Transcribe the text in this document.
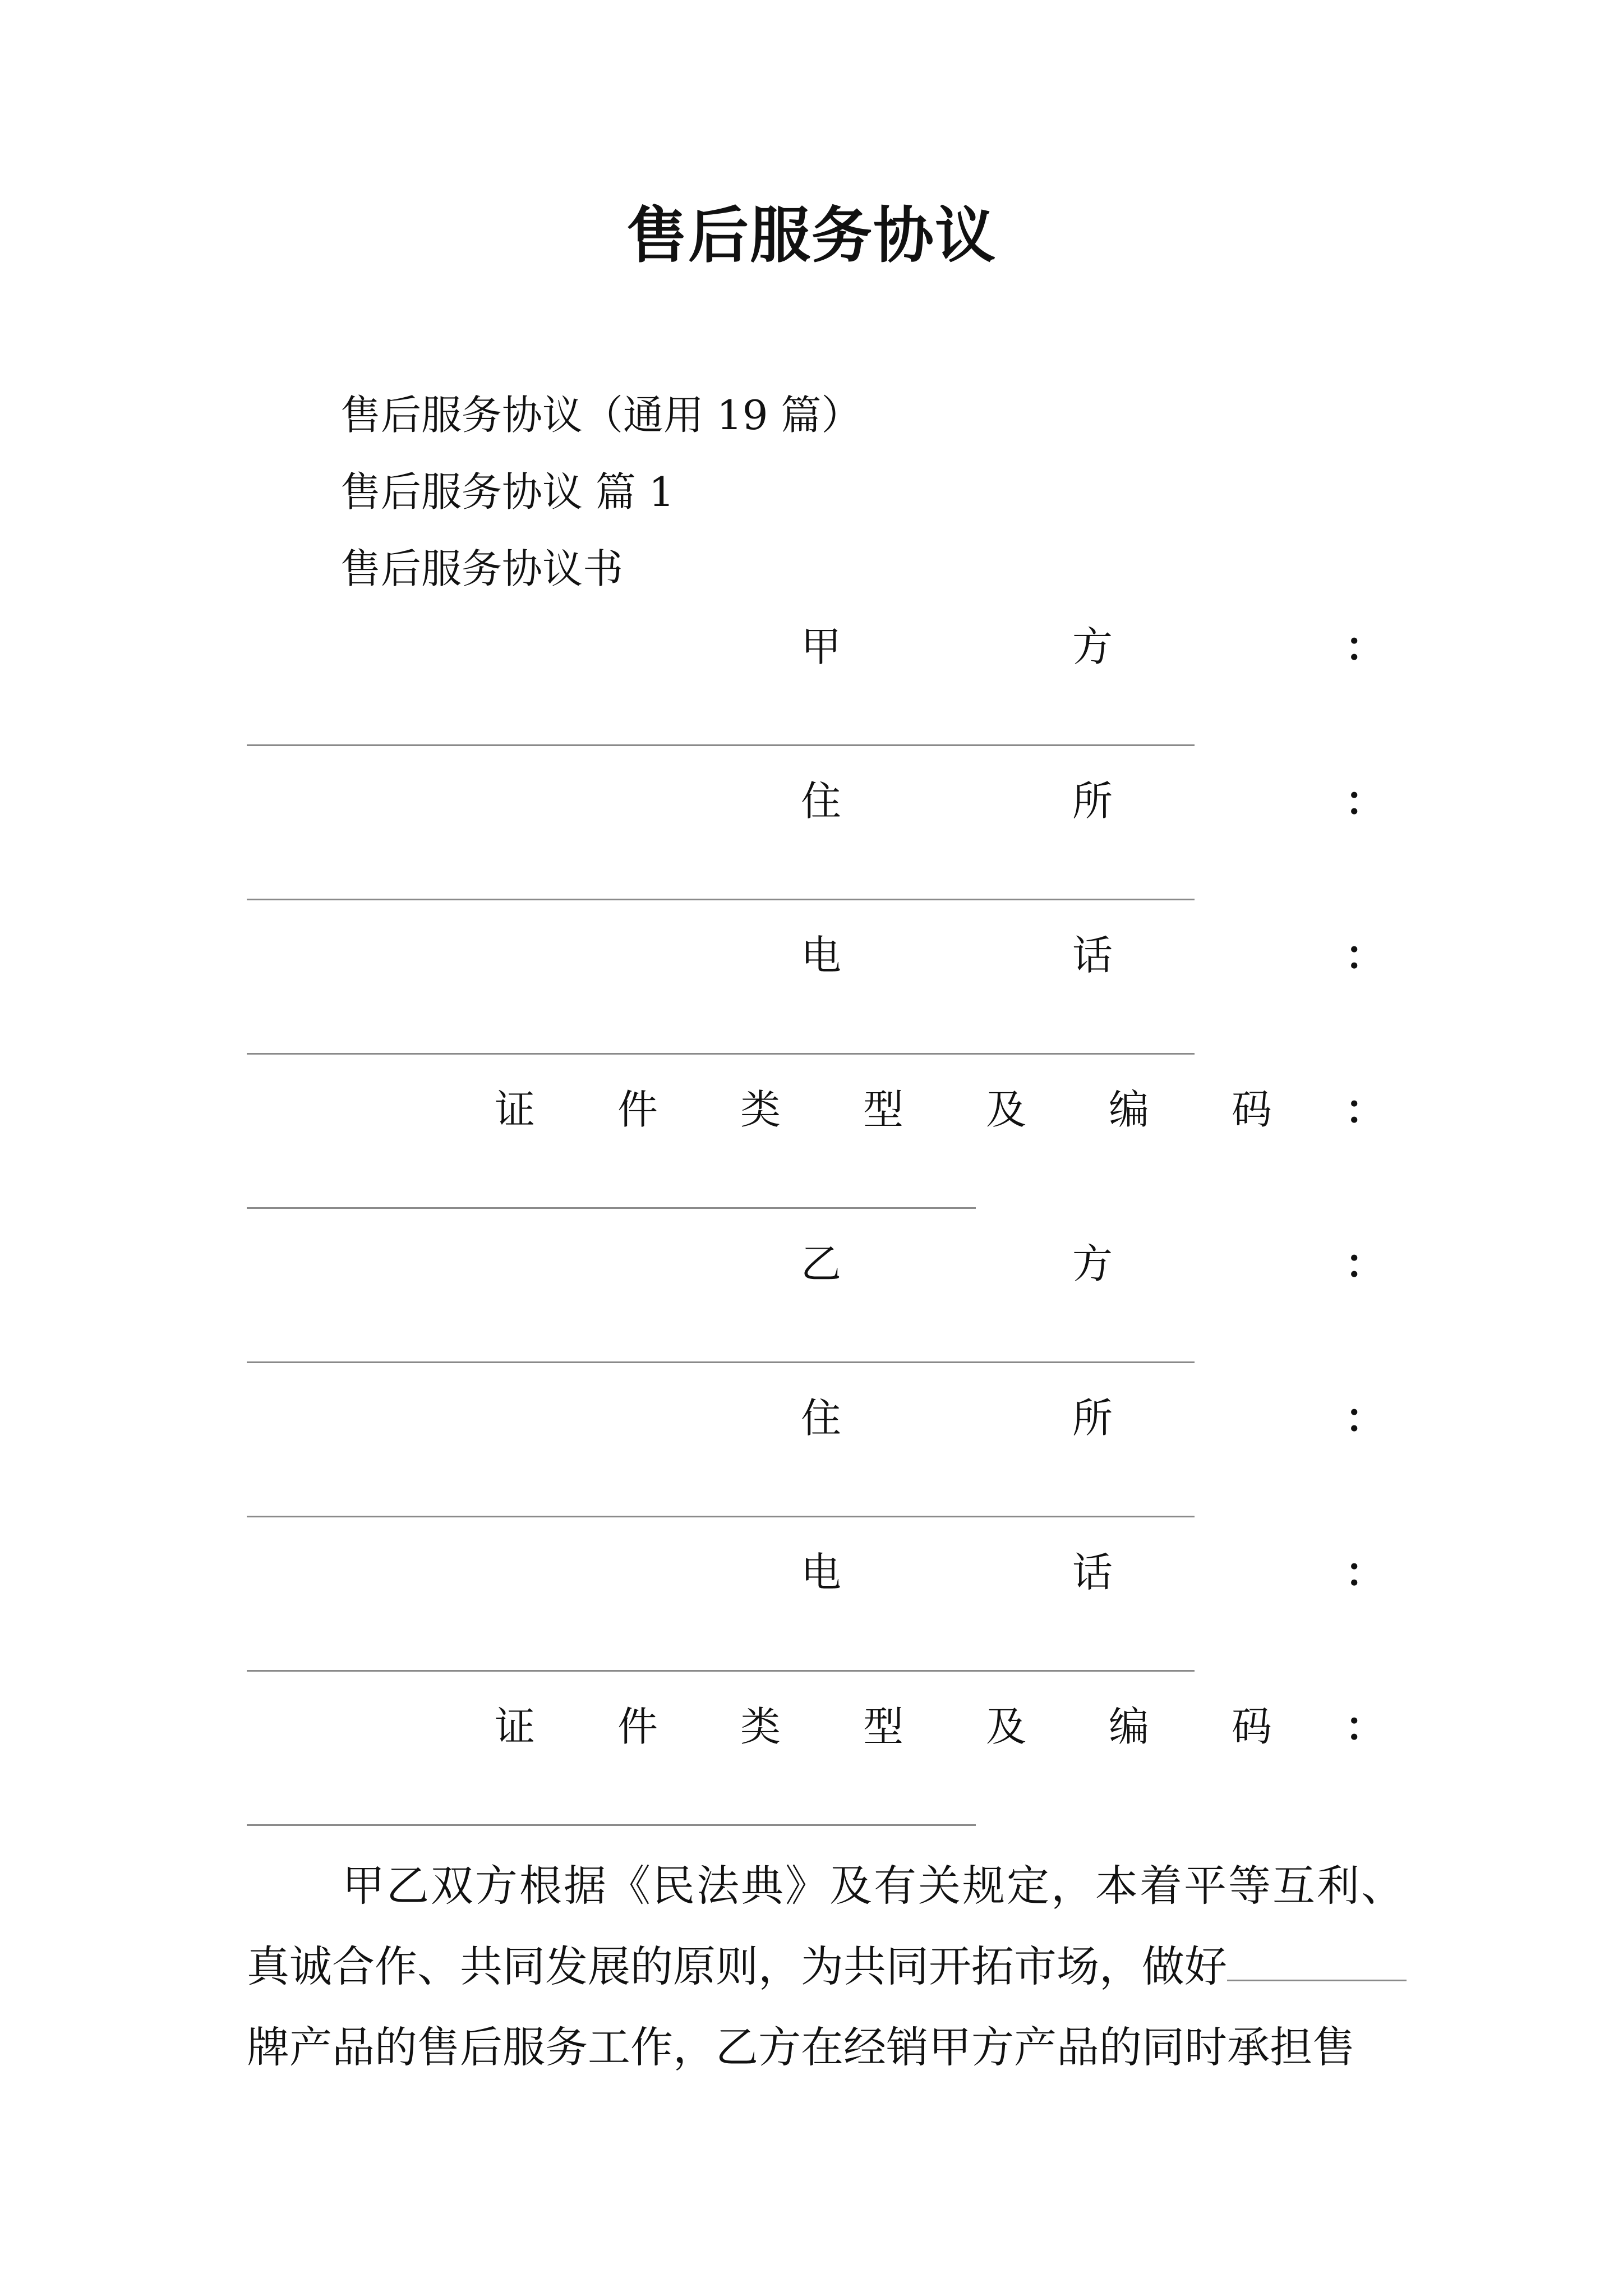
售后服务协议
售后服务协议（通用 19 篇）
售后服务协议 篇 1
售后服务协议书
甲	方	：
住	所	：
电	话	：
证 件 类 型 及 编 码 ：
乙	方	：
住	所	：
电	话	：
证 件 类 型 及 编 码 ：
甲乙双方根据《民法典》及有关规定，本着平等互利、
真诚合作、共同发展的原则，为共同开拓市场，做好
牌产品的售后服务工作，乙方在经销甲方产品的同时承担售
